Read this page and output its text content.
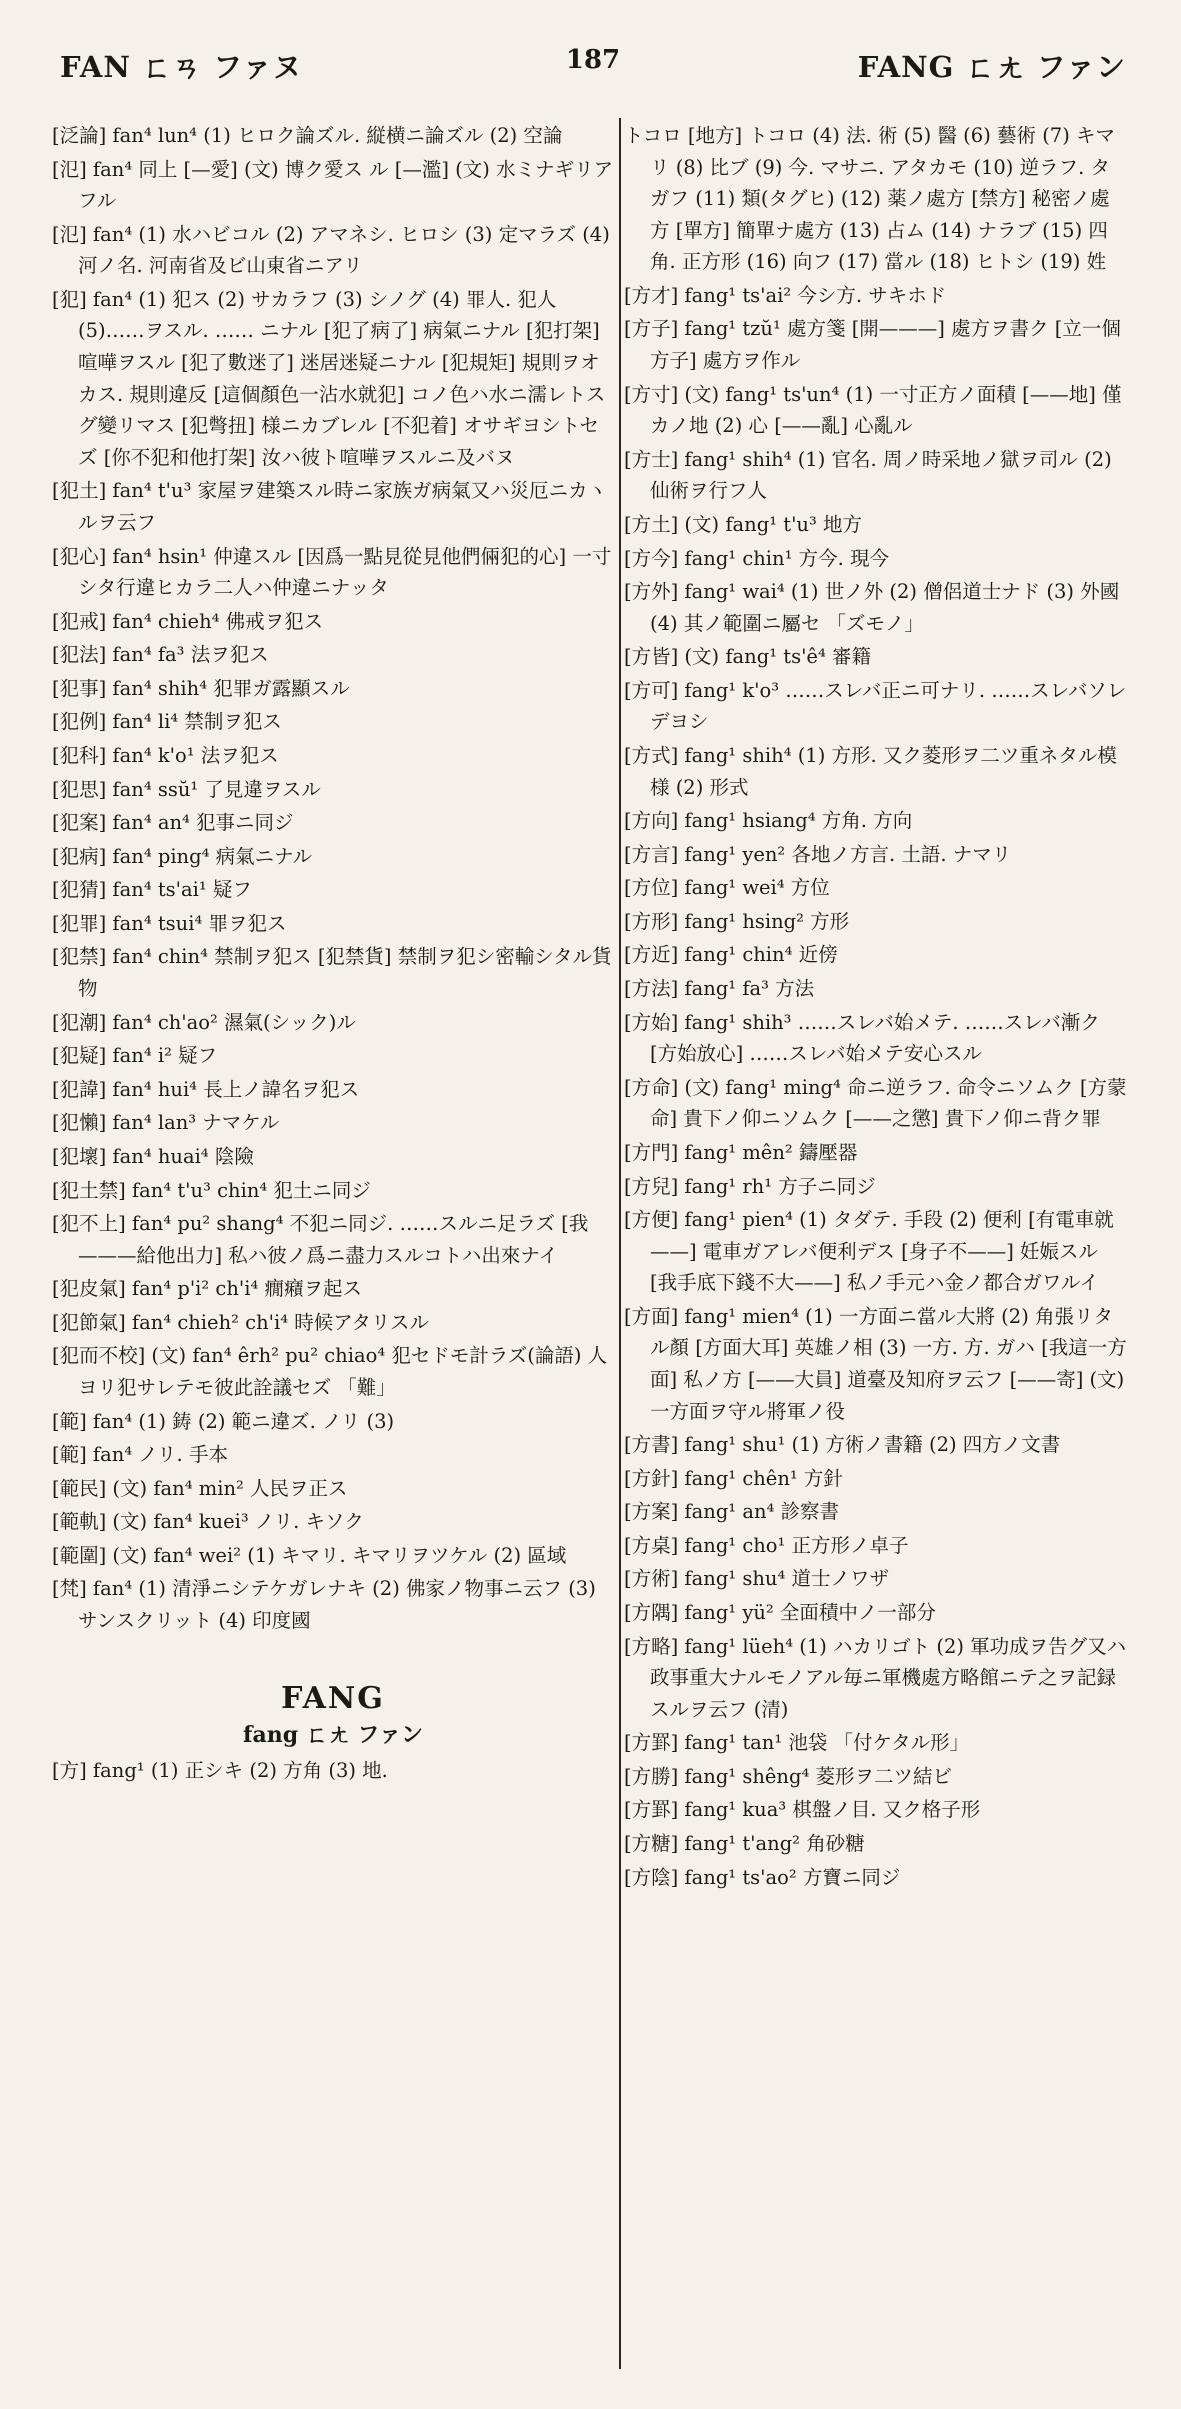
FAN ㄈㄢ ファヌ	187	FANG ㄈㄤ ファン

[泛論] fan⁴ lun⁴ (1) ヒロク論ズル. 縦横ニ論ズル (2) 空論

[氾] fan⁴ 同上 [—愛] (文) 博ク愛ス ル [—濫] (文) 水ミナギリアフル

[氾] fan⁴ (1) 水ハビコル (2) アマネシ. ヒロシ (3) 定マラズ (4) 河ノ名. 河南省及ビ山東省ニアリ

[犯] fan⁴ (1) 犯ス (2) サカラフ (3) シノグ (4) 罪人. 犯人 (5)……ヲスル. …… ニナル [犯了病了] 病氣ニナル [犯打架] 喧嘩ヲスル [犯了數迷了] 迷居迷疑ニナル [犯規矩] 規則ヲオカス. 規則違反 [這個顏色一沾水就犯] コノ色ハ水ニ濡レトスグ變リマス [犯彆扭] 様ニカブレル [不犯着] オサギヨシトセズ [你不犯和他打架] 汝ハ彼ト喧嘩ヲスルニ及バヌ

[犯土] fan⁴ t'u³ 家屋ヲ建築スル時ニ家族ガ病氣又ハ災厄ニカヽルヲ云フ

[犯心] fan⁴ hsin¹ 仲違スル [因爲一點見從見他們倆犯的心] 一寸シタ行違ヒカラ二人ハ仲違ニナッタ

[犯戒] fan⁴ chieh⁴ 佛戒ヲ犯ス

[犯法] fan⁴ fa³ 法ヲ犯ス

[犯事] fan⁴ shih⁴ 犯罪ガ露顯スル

[犯例] fan⁴ li⁴ 禁制ヲ犯ス

[犯科] fan⁴ k'o¹ 法ヲ犯ス

[犯思] fan⁴ ssŭ¹ 了見違ヲスル

[犯案] fan⁴ an⁴ 犯事ニ同ジ

[犯病] fan⁴ ping⁴ 病氣ニナル

[犯猜] fan⁴ ts'ai¹ 疑フ

[犯罪] fan⁴ tsui⁴ 罪ヲ犯ス

[犯禁] fan⁴ chin⁴ 禁制ヲ犯ス [犯禁貨] 禁制ヲ犯シ密輸シタル貨物

[犯潮] fan⁴ ch'ao² 濕氣(シック)ル

[犯疑] fan⁴ i² 疑フ

[犯諱] fan⁴ hui⁴ 長上ノ諱名ヲ犯ス

[犯懶] fan⁴ lan³ ナマケル

[犯壞] fan⁴ huai⁴ 陰險

[犯土禁] fan⁴ t'u³ chin⁴ 犯土ニ同ジ

[犯不上] fan⁴ pu² shang⁴ 不犯ニ同ジ. ……スルニ足ラズ [我———給他出力] 私ハ彼ノ爲ニ盡力スルコトハ出來ナイ

[犯皮氣] fan⁴ p'i² ch'i⁴ 癇癪ヲ起ス

[犯節氣] fan⁴ chieh² ch'i⁴ 時候アタリスル

[犯而不校] (文) fan⁴ êrh² pu² chiao⁴ 犯セドモ計ラズ(論語) 人ヨリ犯サレテモ彼此詮議セズ 「難」

[範] fan⁴ (1) 鋳 (2) 範ニ違ズ. ノリ (3)

[範] fan⁴ ノリ. 手本

[範民] (文) fan⁴ min² 人民ヲ正ス

[範軌] (文) fan⁴ kuei³ ノリ. キソク

[範圍] (文) fan⁴ wei² (1) キマリ. キマリヲツケル (2) 區域

[梵] fan⁴ (1) 清淨ニシテケガレナキ (2) 佛家ノ物事ニ云フ (3) サンスクリット (4) 印度國

FANG
fang ㄈㄤ ファン

[方] fang¹ (1) 正シキ (2) 方角 (3) 地.

トコロ [地方] トコロ (4) 法. 術 (5) 醫 (6) 藝術 (7) キマリ (8) 比ブ (9) 今. マサニ. アタカモ (10) 逆ラフ. タガフ (11) 類(タグヒ) (12) 薬ノ處方 [禁方] 秘密ノ處方 [單方] 簡單ナ處方 (13) 占ム (14) ナラブ (15) 四角. 正方形 (16) 向フ (17) 當ル (18) ヒトシ (19) 姓

[方才] fang¹ ts'ai² 今シ方. サキホド

[方子] fang¹ tzŭ¹ 處方箋 [開———] 處方ヲ書ク [立一個方子] 處方ヲ作ル

[方寸] (文) fang¹ ts'un⁴ (1) 一寸正方ノ面積 [——地] 僅カノ地 (2) 心 [——亂] 心亂ル

[方士] fang¹ shih⁴ (1) 官名. 周ノ時采地ノ獄ヲ司ル (2) 仙術ヲ行フ人

[方土] (文) fang¹ t'u³ 地方

[方今] fang¹ chin¹ 方今. 現今

[方外] fang¹ wai⁴ (1) 世ノ外 (2) 僧侶道士ナド (3) 外國 (4) 其ノ範圍ニ屬セ 「ズモノ」

[方皆] (文) fang¹ ts'ê⁴ 審籍

[方可] fang¹ k'o³ ……スレバ正ニ可ナリ. ……スレバソレデヨシ

[方式] fang¹ shih⁴ (1) 方形. 又ク菱形ヲ二ツ重ネタル模様 (2) 形式

[方向] fang¹ hsiang⁴ 方角. 方向

[方言] fang¹ yen² 各地ノ方言. 土語. ナマリ

[方位] fang¹ wei⁴ 方位

[方形] fang¹ hsing² 方形

[方近] fang¹ chin⁴ 近傍

[方法] fang¹ fa³ 方法

[方始] fang¹ shih³ ……スレバ始メテ. ……スレバ漸ク [方始放心] ……スレバ始メテ安心スル

[方命] (文) fang¹ ming⁴ 命ニ逆ラフ. 命令ニソムク [方蒙命] 貴下ノ仰ニソムク [——之懲] 貴下ノ仰ニ背ク罪

[方門] fang¹ mên² 鑄壓器

[方兒] fang¹ rh¹ 方子ニ同ジ

[方便] fang¹ pien⁴ (1) タダテ. 手段 (2) 便利 [有電車就——] 電車ガアレバ便利デス [身子不——] 妊娠スル [我手底下錢不大——] 私ノ手元ハ金ノ都合ガワルイ

[方面] fang¹ mien⁴ (1) 一方面ニ當ル大將 (2) 角張リタル顏 [方面大耳] 英雄ノ相 (3) 一方. 方. ガハ [我這一方面] 私ノ方 [——大員] 道臺及知府ヲ云フ [——寄] (文) 一方面ヲ守ル將軍ノ役

[方書] fang¹ shu¹ (1) 方術ノ書籍 (2) 四方ノ文書

[方針] fang¹ chên¹ 方針

[方案] fang¹ an⁴ 診察書

[方桌] fang¹ cho¹ 正方形ノ卓子

[方術] fang¹ shu⁴ 道士ノワザ

[方隅] fang¹ yü² 全面積中ノ一部分

[方略] fang¹ lüeh⁴ (1) ハカリゴト (2) 軍功成ヲ告グ又ハ政事重大ナルモノアル毎ニ軍機處方略館ニテ之ヲ記録スルヲ云フ (清)

[方罫] fang¹ tan¹ 池袋 「付ケタル形」

[方勝] fang¹ shêng⁴ 菱形ヲ二ツ結ビ

[方罫] fang¹ kua³ 棋盤ノ目. 又ク格子形

[方糖] fang¹ t'ang² 角砂糖

[方陰] fang¹ ts'ao² 方寶ニ同ジ
